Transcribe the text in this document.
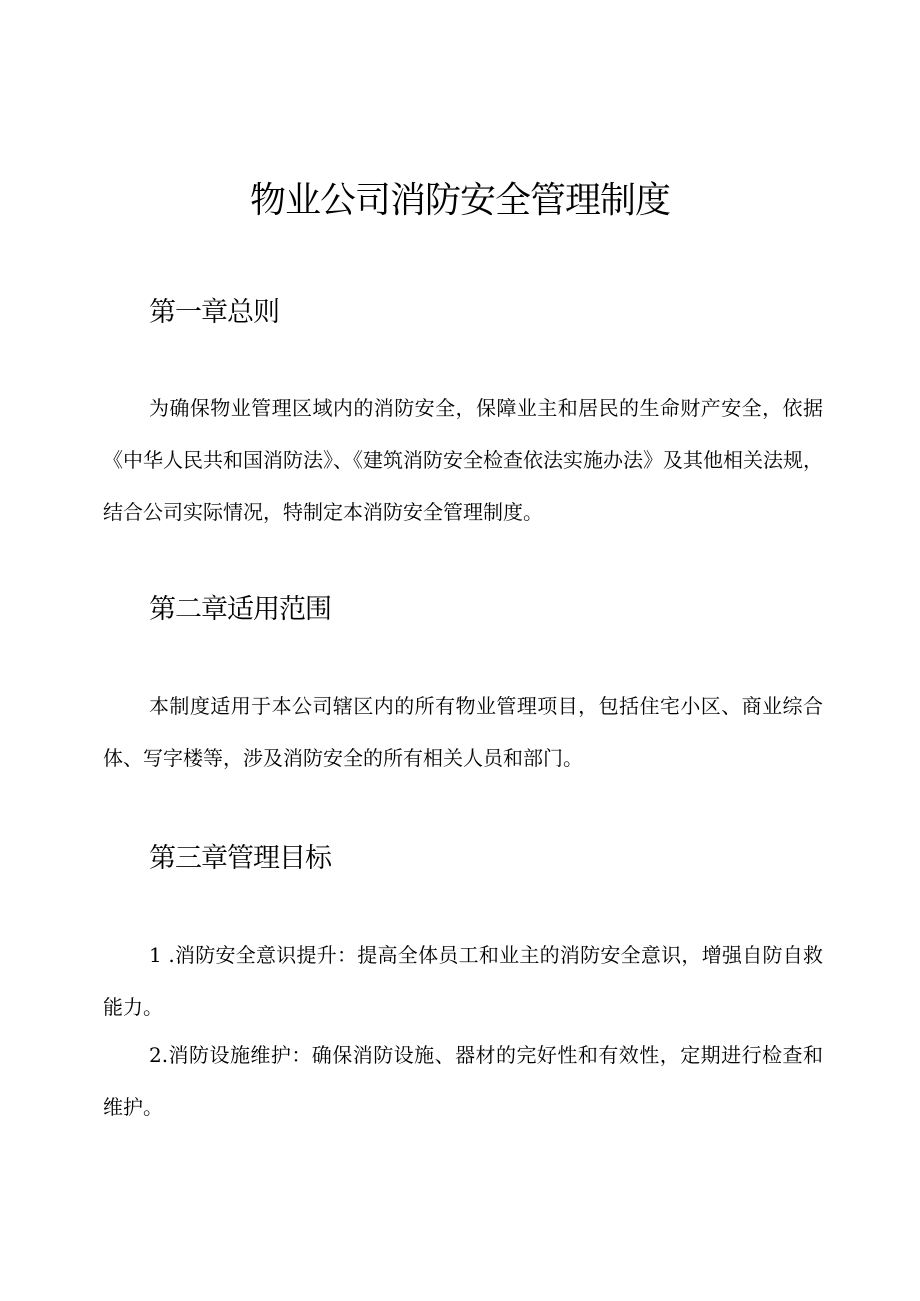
物业公司消防安全管理制度
第一章总则

为确保物业管理区域内的消防安全，保障业主和居民的生命财产安全，依据《中华人民共和国消防法》、《建筑消防安全检查依法实施办法》及其他相关法规，结合公司实际情况，特制定本消防安全管理制度。

第二章适用范围

本制度适用于本公司辖区内的所有物业管理项目，包括住宅小区、商业综合体、写字楼等，涉及消防安全的所有相关人员和部门。

第三章管理目标

1 .消防安全意识提升：提高全体员工和业主的消防安全意识，增强自防自救能力。

2.消防设施维护：确保消防设施、器材的完好性和有效性，定期进行检查和维护。
